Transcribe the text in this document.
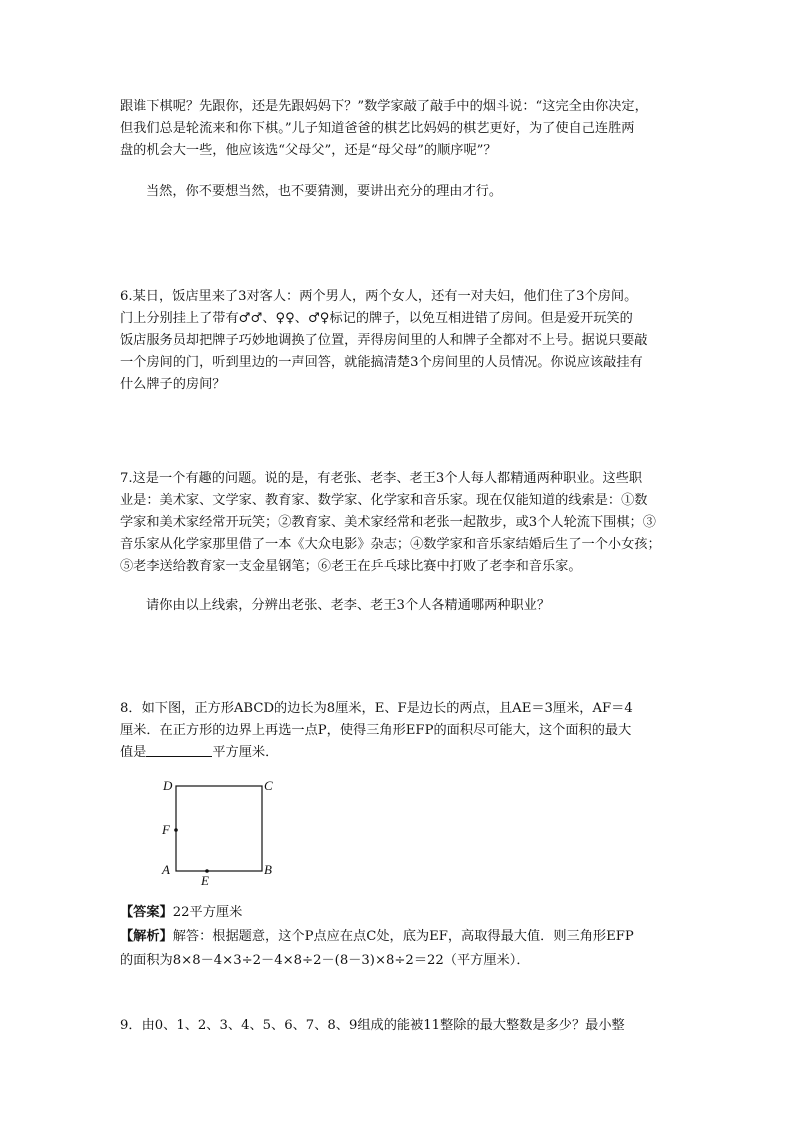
跟谁下棋呢？先跟你，还是先跟妈妈下？”数学家敲了敲手中的烟斗说：“这完全由你决定，
但我们总是轮流来和你下棋。”儿子知道爸爸的棋艺比妈妈的棋艺更好，为了使自己连胜两
盘的机会大一些，他应该选“父母父”，还是“母父母”的顺序呢”？
当然，你不要想当然，也不要猜测，要讲出充分的理由才行。
6.某日，饭店里来了3对客人：两个男人，两个女人，还有一对夫妇，他们住了3个房间。
门上分别挂上了带有♂♂、♀♀、♂♀标记的牌子，以免互相进错了房间。但是爱开玩笑的
饭店服务员却把牌子巧妙地调换了位置，弄得房间里的人和牌子全都对不上号。据说只要敲
一个房间的门，听到里边的一声回答，就能搞清楚3个房间里的人员情况。你说应该敲挂有
什么牌子的房间？
7.这是一个有趣的问题。说的是，有老张、老李、老王3个人每人都精通两种职业。这些职
业是：美术家、文学家、教育家、数学家、化学家和音乐家。现在仅能知道的线索是：①数
学家和美术家经常开玩笑；②教育家、美术家经常和老张一起散步，或3个人轮流下围棋；③
音乐家从化学家那里借了一本《大众电影》杂志；④数学家和音乐家结婚后生了一个小女孩；
⑤老李送给教育家一支金星钢笔；⑥老王在乒乓球比赛中打败了老李和音乐家。
请你由以上线索，分辨出老张、老李、老王3个人各精通哪两种职业？
8．如下图，正方形ABCD的边长为8厘米，E、F是边长的两点，且AE＝3厘米，AF＝4
厘米．在正方形的边界上再选一点P，使得三角形EFP的面积尽可能大，这个面积的最大
值是	平方厘米．
D	C
F
A	B
E
【答案】22平方厘米
【解析】解答：根据题意，这个P点应在点C处，底为EF，高取得最大值．则三角形EFP
的面积为8×8－4×3÷2－4×8÷2－(8－3)×8÷2＝22（平方厘米）．
9．由0、1、2、3、4、5、6、7、8、9组成的能被11整除的最大整数是多少？最小整
